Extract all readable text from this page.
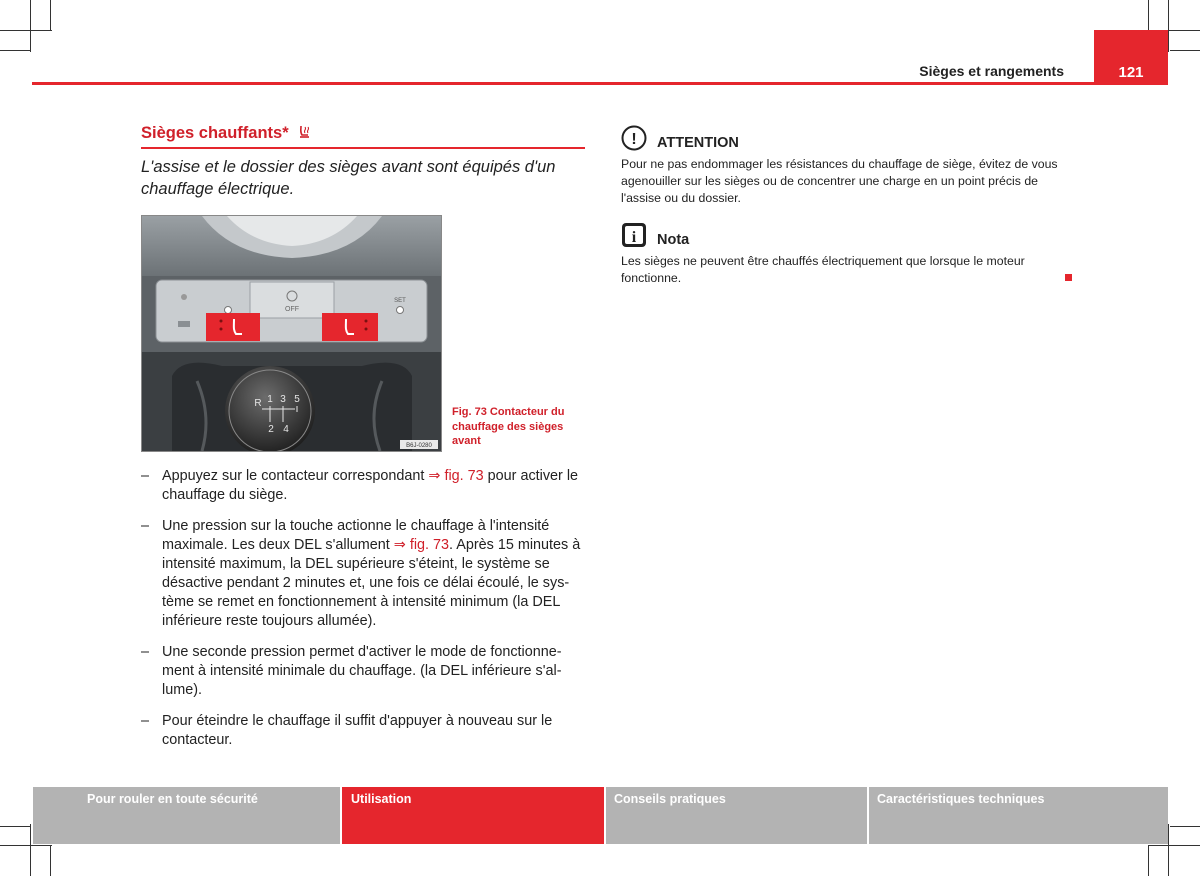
Sièges et rangements	121
Sièges chauffants*
L'assise et le dossier des sièges avant sont équipés d'un chauffage électrique.
OFF
SET
R 1 3 5
2 4
B6J-0280
Fig. 73 Contacteur du chauffage des sièges avant
– Appuyez sur le contacteur correspondant ⇒ fig. 73 pour activer le chauffage du siège.
– Une pression sur la touche actionne le chauffage à l'intensité maximale. Les deux DEL s'allument ⇒ fig. 73. Après 15 minutes à intensité maximum, la DEL supérieure s'éteint, le système se désactive pendant 2 minutes et, une fois ce délai écoulé, le sys-tème se remet en fonctionnement à intensité minimum (la DEL inférieure reste toujours allumée).
– Une seconde pression permet d'activer le mode de fonctionne-ment à intensité minimale du chauffage. (la DEL inférieure s'al-lume).
– Pour éteindre le chauffage il suffit d'appuyer à nouveau sur le contacteur.
! ATTENTION
Pour ne pas endommager les résistances du chauffage de siège, évitez de vous agenouiller sur les sièges ou de concentrer une charge en un point précis de l'assise ou du dossier.
i Nota
Les sièges ne peuvent être chauffés électriquement que lorsque le moteur fonctionne.
Pour rouler en toute sécurité	Utilisation	Conseils pratiques	Caractéristiques techniques
